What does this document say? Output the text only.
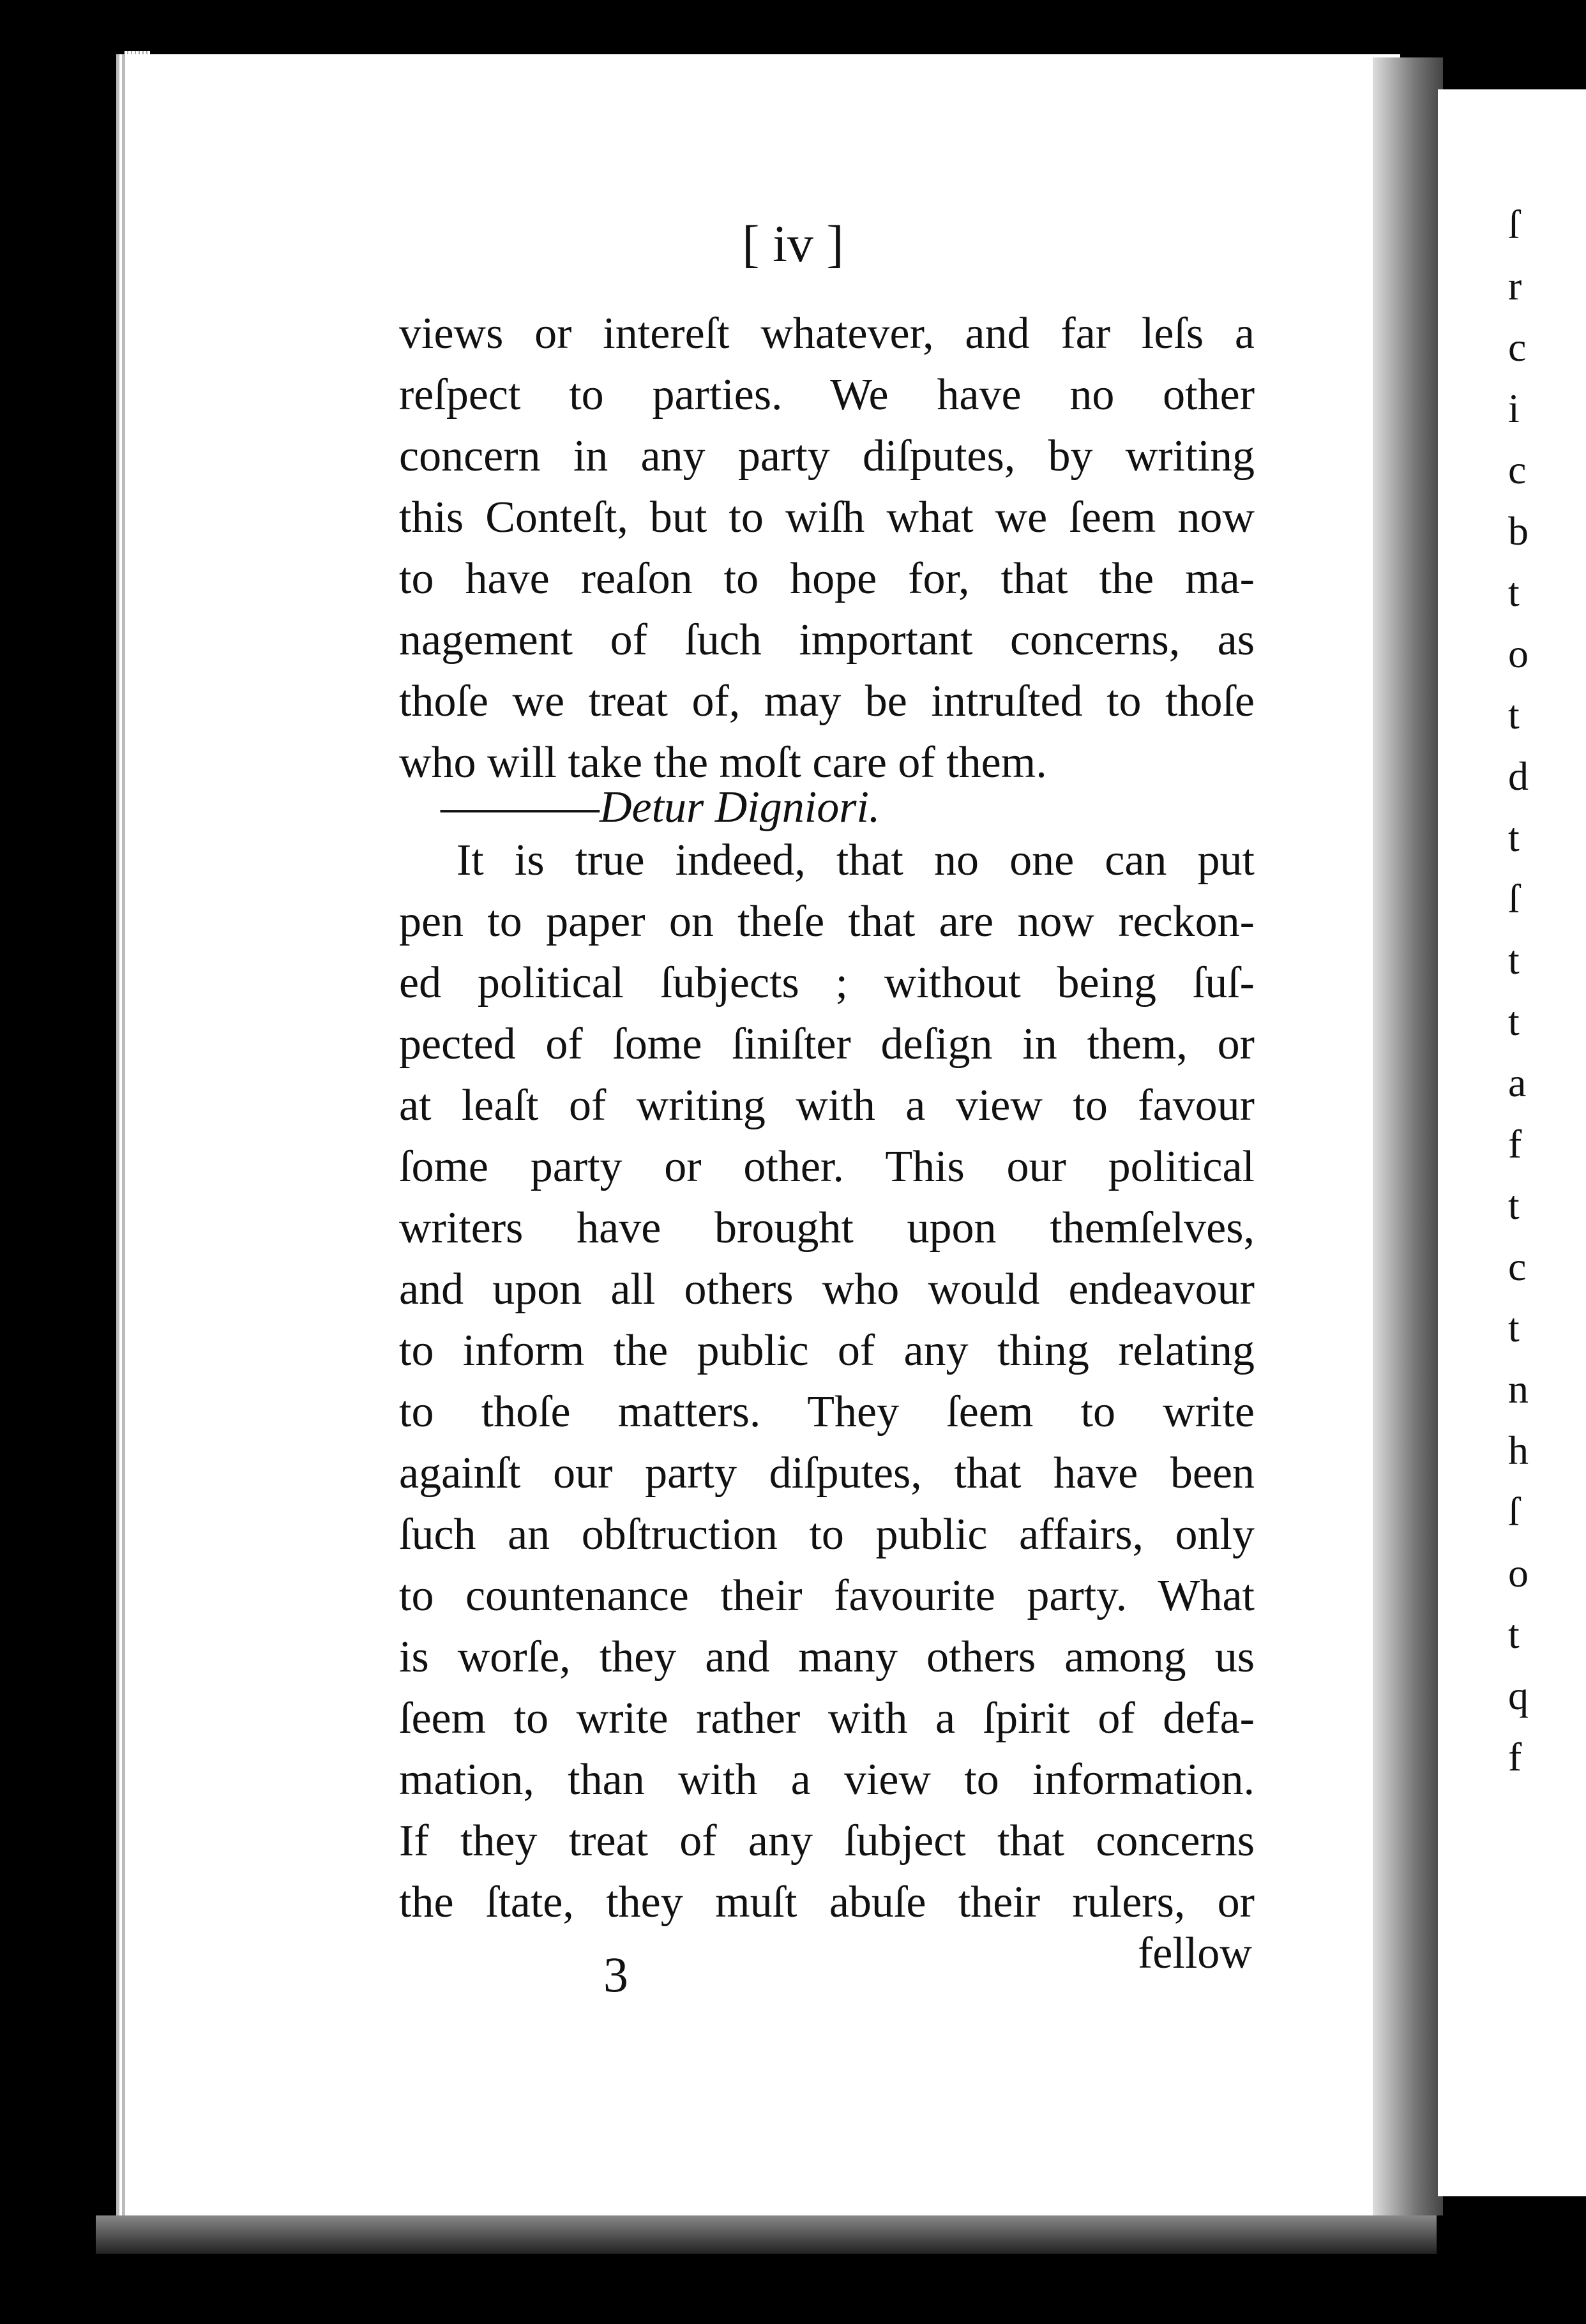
ſ
r
c
i
c
b
t
o
t
d
t
ſ
t
t
a
f
t
c
t
n
h
ſ
o
t
q
f
[ iv ]
views or intereſt whatever, and far leſs a
reſpect to parties. We have no other
concern in any party diſputes, by writing
this Conteſt, but to wiſh what we ſeem now
to have reaſon to hope for, that the ma-
nagement of ſuch important concerns, as
thoſe we treat of, may be intruſted to thoſe
who will take the moſt care of them.
It is true indeed, that no one can put
pen to paper on theſe that are now reckon-
ed political ſubjects ; without being ſuſ-
pected of ſome ſiniſter deſign in them, or
at leaſt of writing with a view to favour
ſome party or other. This our political
writers have brought upon themſelves,
and upon all others who would endeavour
to inform the public of any thing relating
to thoſe matters. They ſeem to write
againſt our party diſputes, that have been
ſuch an obſtruction to public affairs, only
to countenance their favourite party. What
is worſe, they and many others among us
ſeem to write rather with a ſpirit of defa-
mation, than with a view to information.
If they treat of any ſubject that concerns
the ſtate, they muſt abuſe their rulers, or
————Detur Digniori.
3	fellow
